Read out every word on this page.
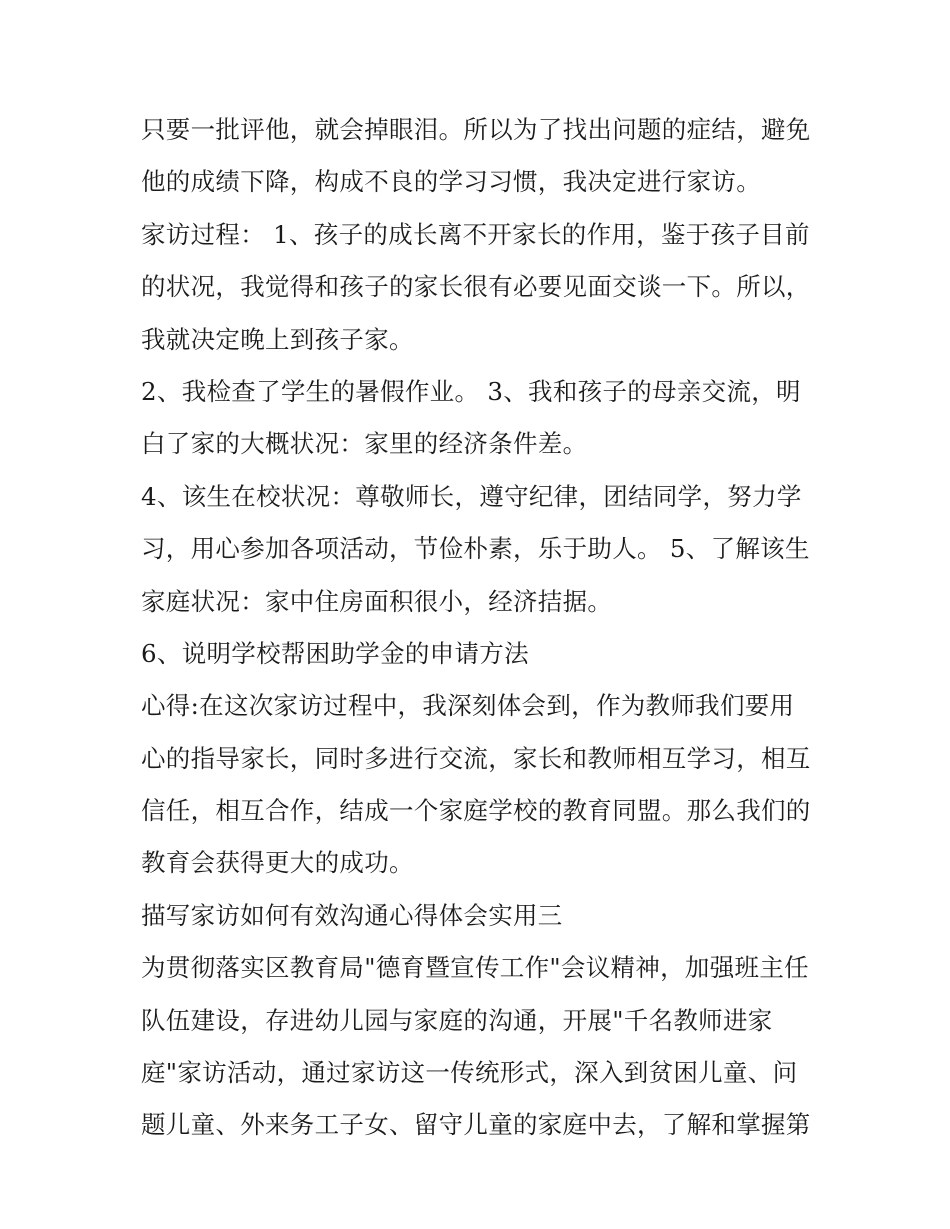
只要一批评他，就会掉眼泪。所以为了找出问题的症结，避免
他的成绩下降，构成不良的学习习惯，我决定进行家访。
家访过程： 1、孩子的成长离不开家长的作用，鉴于孩子目前
的状况，我觉得和孩子的家长很有必要见面交谈一下。所以，
我就决定晚上到孩子家。
2、我检查了学生的暑假作业。 3、我和孩子的母亲交流，明
白了家的大概状况：家里的经济条件差。
4、该生在校状况：尊敬师长，遵守纪律，团结同学，努力学
习，用心参加各项活动，节俭朴素，乐于助人。 5、了解该生
家庭状况：家中住房面积很小，经济拮据。
6、说明学校帮困助学金的申请方法
心得:在这次家访过程中，我深刻体会到，作为教师我们要用
心的指导家长，同时多进行交流，家长和教师相互学习，相互
信任，相互合作，结成一个家庭学校的教育同盟。那么我们的
教育会获得更大的成功。
描写家访如何有效沟通心得体会实用三
为贯彻落实区教育局"德育暨宣传工作"会议精神，加强班主任
队伍建设，存进幼儿园与家庭的沟通，开展"千名教师进家
庭"家访活动，通过家访这一传统形式，深入到贫困儿童、问
题儿童、外来务工子女、留守儿童的家庭中去，了解和掌握第
